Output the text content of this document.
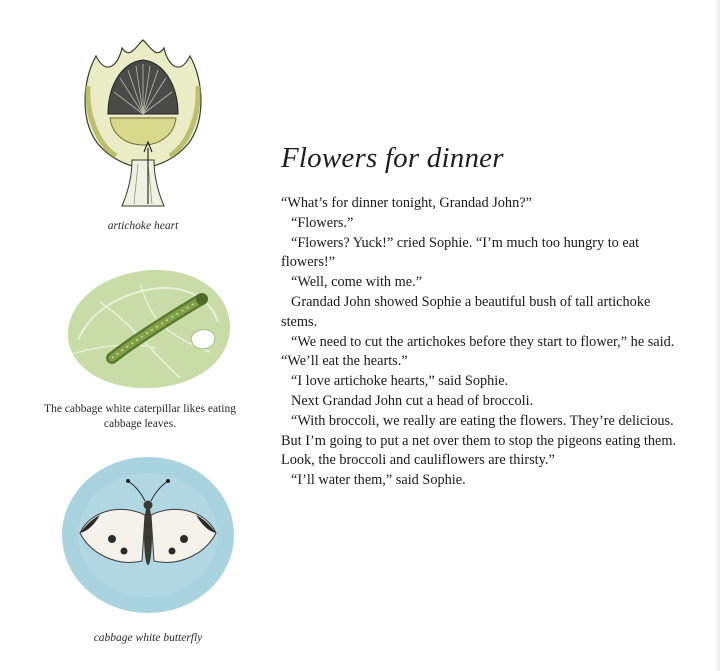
artichoke heart
The cabbage white caterpillar likes eating cabbage leaves.
cabbage white butterfly
Flowers for dinner

“What’s for dinner tonight, Grandad John?”

“Flowers.”

“Flowers? Yuck!” cried Sophie. “I’m much too hungry to eat flowers!”

“Well, come with me.”

Grandad John showed Sophie a beautiful bush of tall artichoke stems.

“We need to cut the artichokes before they start to flower,” he said. “We’ll eat the hearts.”

“I love artichoke hearts,” said Sophie.

Next Grandad John cut a head of broccoli.

“With broccoli, we really are eating the flowers. They’re delicious. But I’m going to put a net over them to stop the pigeons eating them. Look, the broccoli and cauliflowers are thirsty.”

“I’ll water them,” said Sophie.
